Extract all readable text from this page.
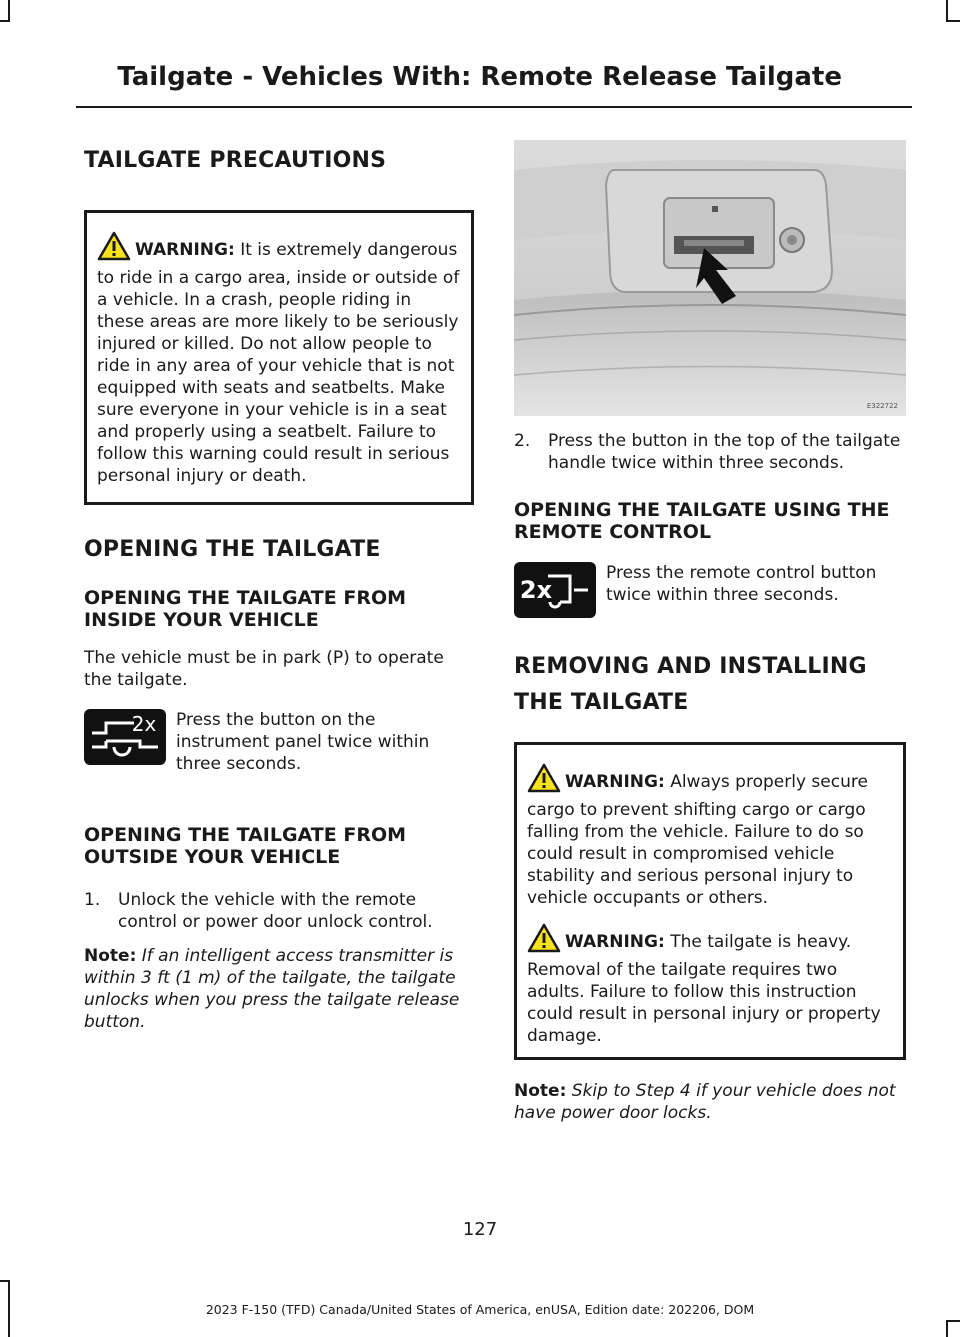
Tailgate - Vehicles With: Remote Release Tailgate
TAILGATE PRECAUTIONS
WARNING: It is extremely dangerous to ride in a cargo area, inside or outside of a vehicle. In a crash, people riding in these areas are more likely to be seriously injured or killed. Do not allow people to ride in any area of your vehicle that is not equipped with seats and seatbelts. Make sure everyone in your vehicle is in a seat and properly using a seatbelt. Failure to follow this warning could result in serious personal injury or death.
OPENING THE TAILGATE
OPENING THE TAILGATE FROM INSIDE YOUR VEHICLE

The vehicle must be in park (P) to operate the tailgate.

2x Press the button on the instrument panel twice within three seconds.

OPENING THE TAILGATE FROM OUTSIDE YOUR VEHICLE
1.	Unlock the vehicle with the remote control or power door unlock control.

Note: If an intelligent access transmitter is within 3 ft (1 m) of the tailgate, the tailgate unlocks when you press the tailgate release button.

E322722
2.	Press the button in the top of the tailgate handle twice within three seconds.
OPENING THE TAILGATE USING THE REMOTE CONTROL
2x

Press the remote control button twice within three seconds.

REMOVING AND INSTALLING
THE TAILGATE
WARNING: Always properly secure cargo to prevent shifting cargo or cargo falling from the vehicle. Failure to do so could result in compromised vehicle stability and serious personal injury to vehicle occupants or others.
WARNING: The tailgate is heavy. Removal of the tailgate requires two adults. Failure to follow this instruction could result in personal injury or property damage.

Note: Skip to Step 4 if your vehicle does not have power door locks.

127
2023 F-150 (TFD) Canada/United States of America, enUSA, Edition date: 202206, DOM
